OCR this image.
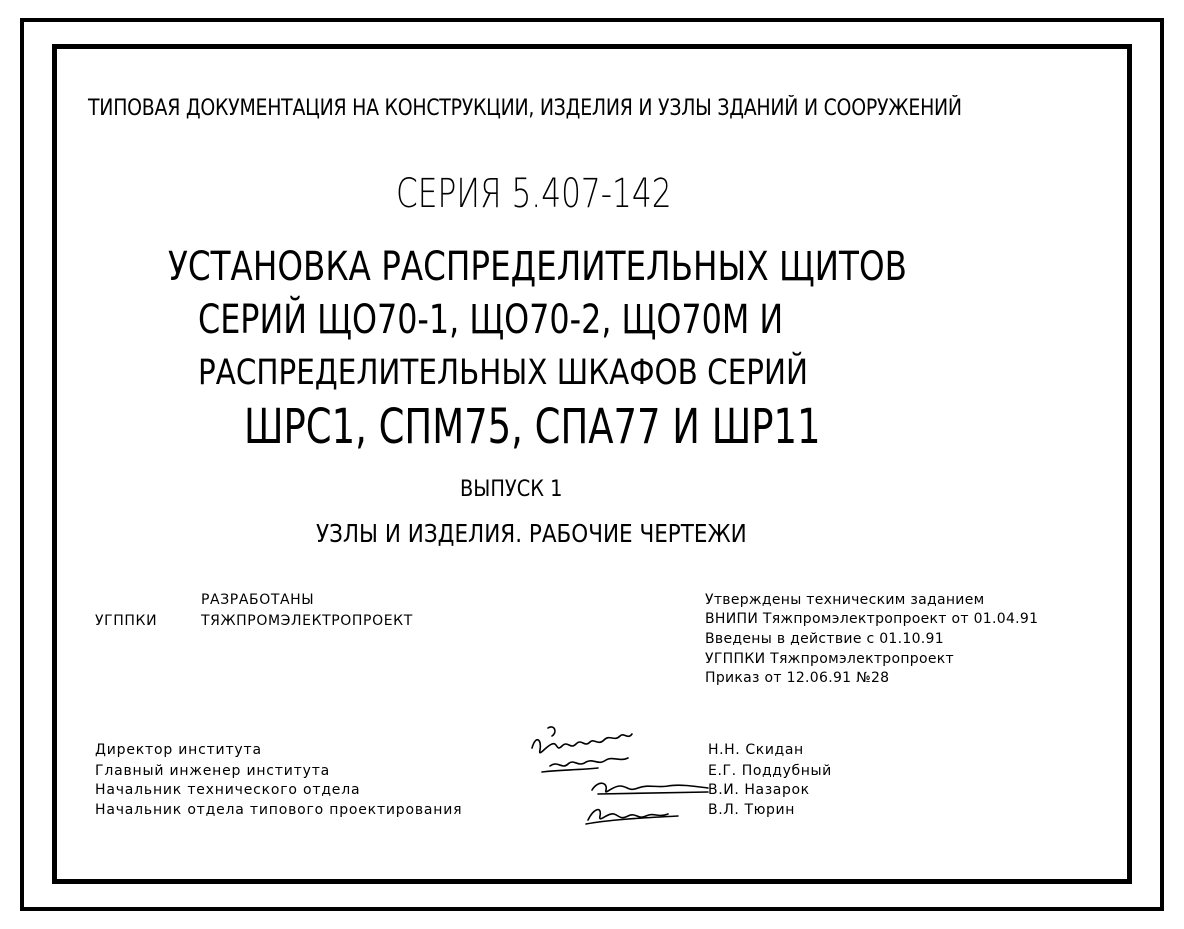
ТИПОВАЯ ДОКУМЕНТАЦИЯ НА КОНСТРУКЦИИ, ИЗДЕЛИЯ И УЗЛЫ ЗДАНИЙ И СООРУЖЕНИЙ
СЕРИЯ 5.407-142
УСТАНОВКА РАСПРЕДЕЛИТЕЛЬНЫХ ЩИТОВ
СЕРИЙ ЩО70-1, ЩО70-2, ЩО70М И
РАСПРЕДЕЛИТЕЛЬНЫХ ШКАФОВ СЕРИЙ
ШРС1, СПМ75, СПА77 И ШР11
ВЫПУСК 1
УЗЛЫ И ИЗДЕЛИЯ. РАБОЧИЕ ЧЕРТЕЖИ
РАЗРАБОТАНЫ
УГППКИ	ТЯЖПРОМЭЛЕКТРОПРОЕКТ
Утверждены техническим заданием
ВНИПИ Тяжпромэлектропроект от 01.04.91
Введены в действие с 01.10.91
УГППКИ Тяжпромэлектропроект
Приказ от 12.06.91 №28
Директор института
Главный инженер института
Начальник технического отдела
Начальник отдела типового проектирования
Н.Н. Скидан
Е.Г. Поддубный
В.И. Назарок
В.Л. Тюрин
